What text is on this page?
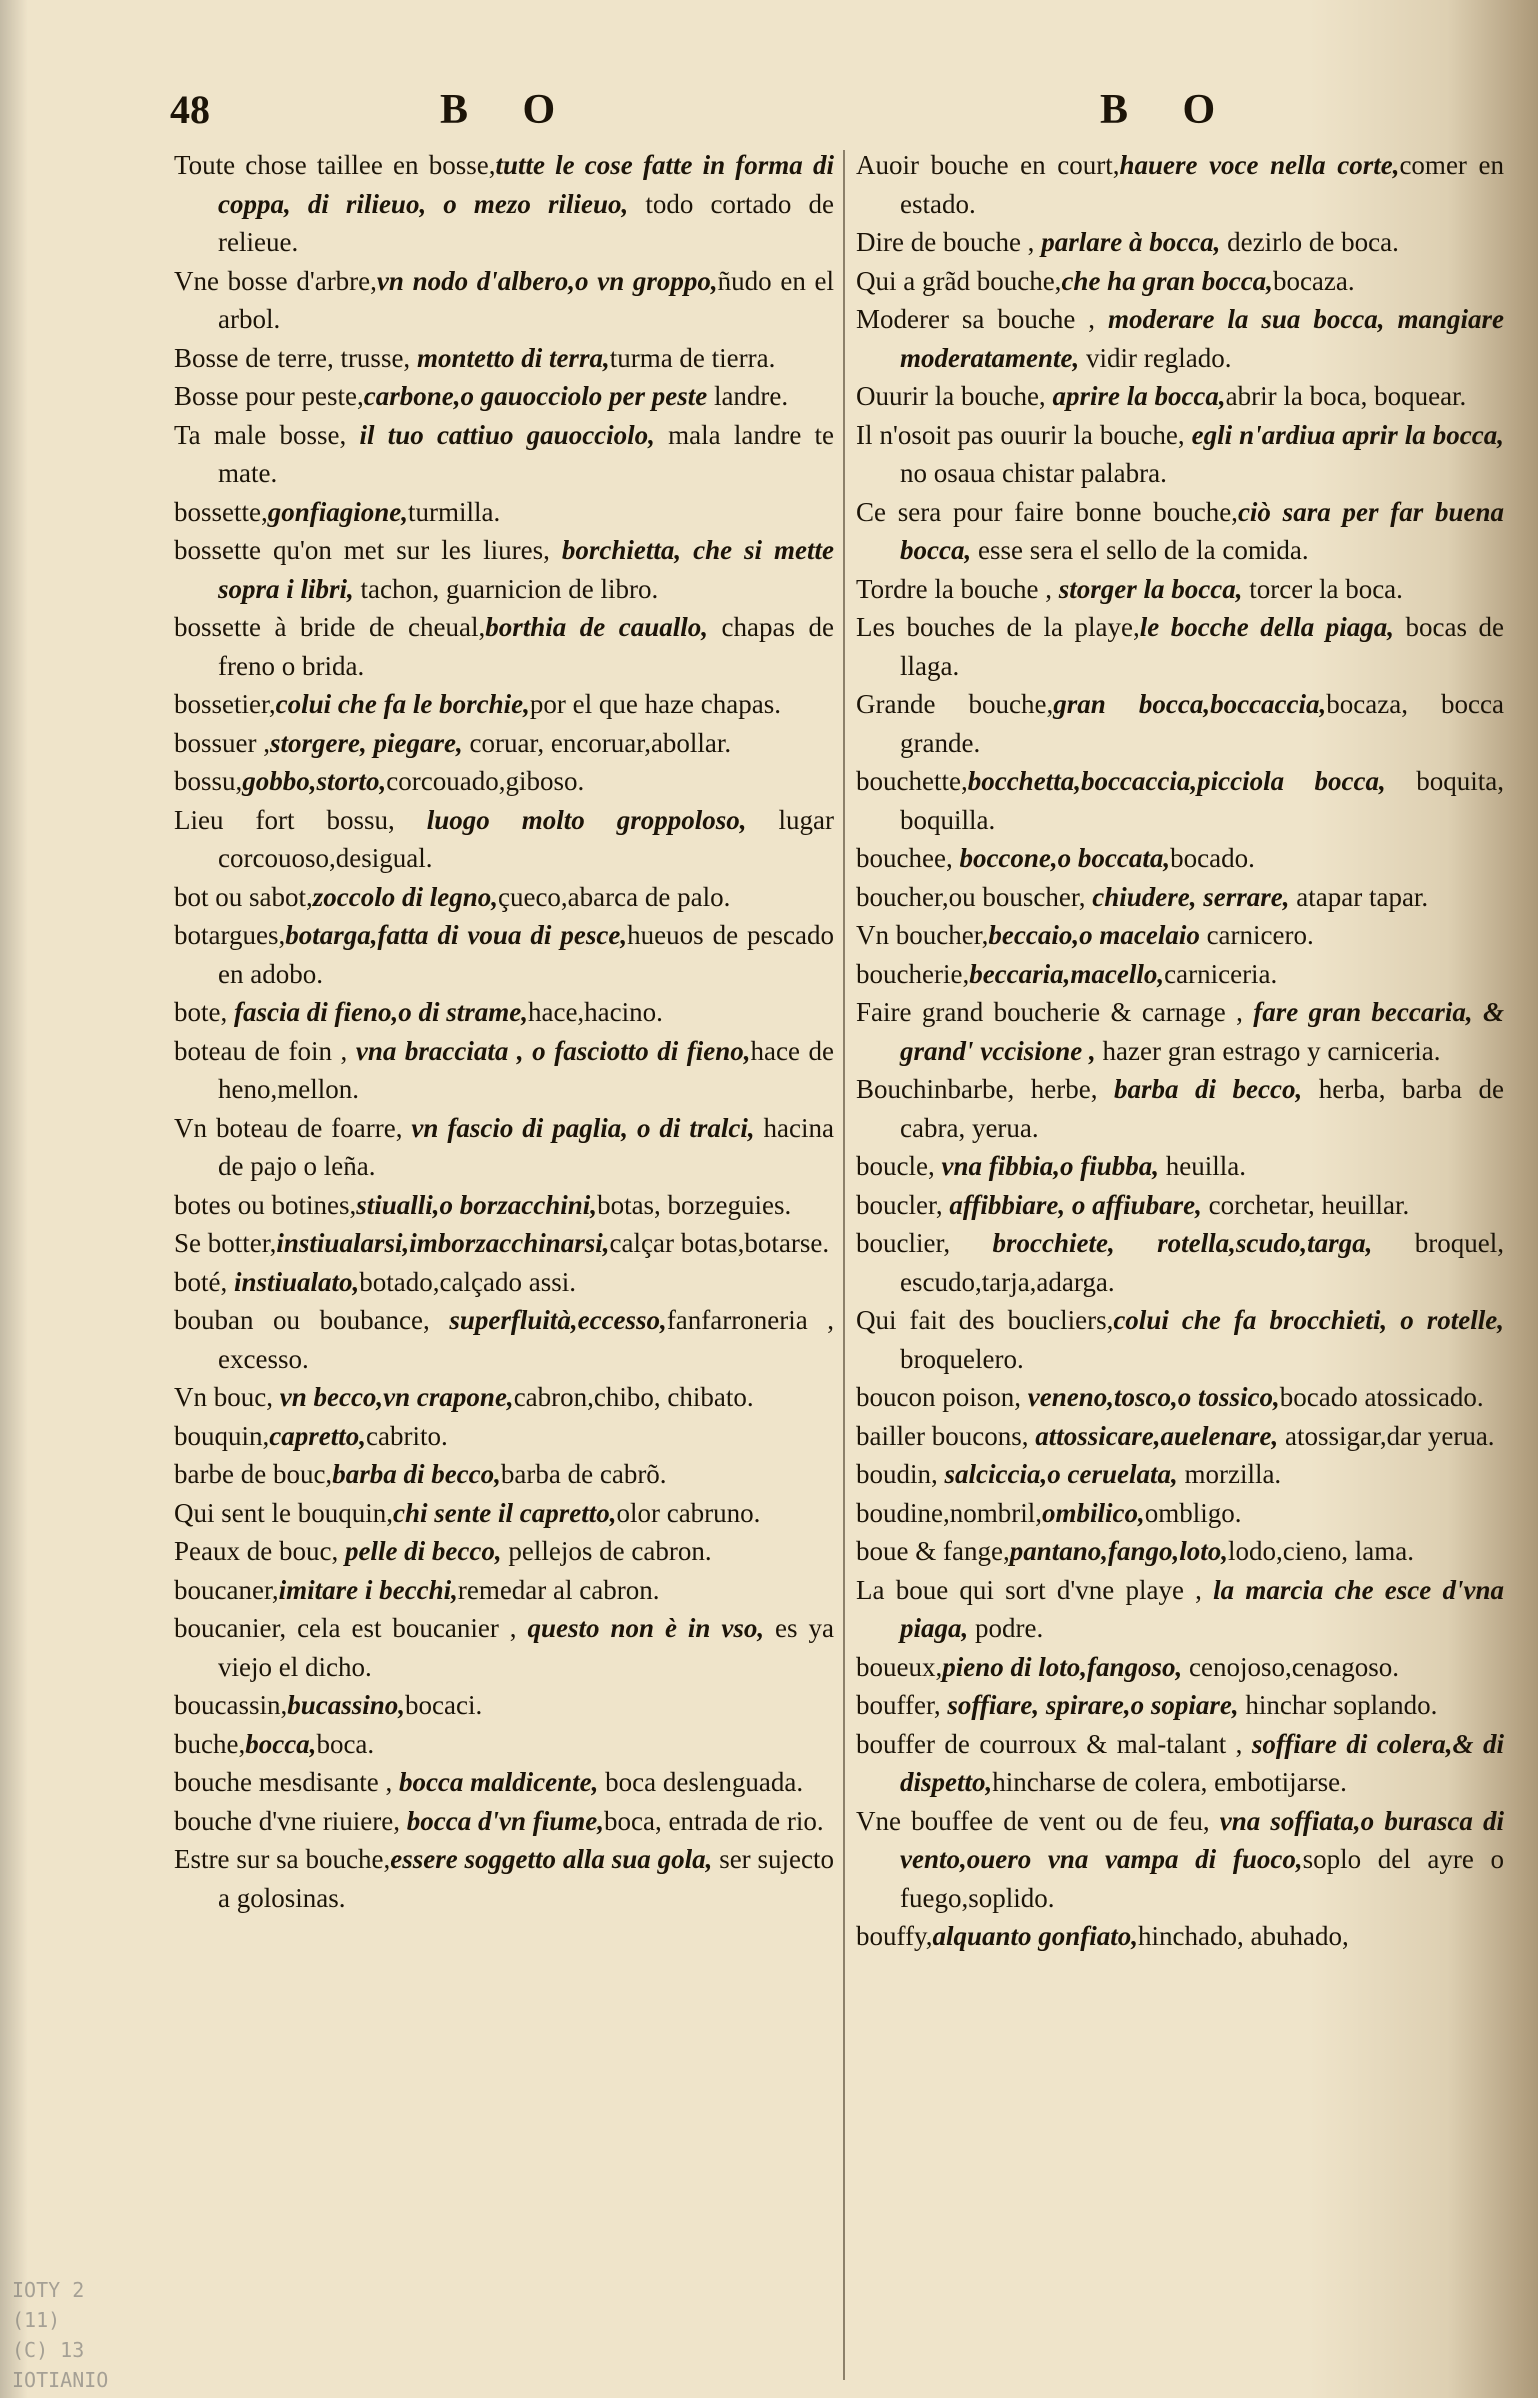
48	B O	B O
Toute chose taillee en bosse,tutte le cose fatte in forma di coppa, di rilieuo, o mezo rilieuo, todo cortado de relieue.
Vne bosse d'arbre,vn nodo d'albero,o vn groppo,ñudo en el arbol.
Bosse de terre, trusse, montetto di terra,turma de tierra.
Bosse pour peste,carbone,o gauocciolo per peste landre.
Ta male bosse, il tuo cattiuo gauocciolo, mala landre te mate.
bossette,gonfiagione,turmilla.
bossette qu'on met sur les liures, borchietta, che si mette sopra i libri, tachon, guarnicion de libro.
bossette à bride de cheual,borthia de cauallo, chapas de freno o brida.
bossetier,colui che fa le borchie,por el que haze chapas.
bossuer ,storgere, piegare, coruar, encoruar,abollar.
bossu,gobbo,storto,corcouado,giboso.
Lieu fort bossu, luogo molto groppoloso, lugar corcouoso,desigual.
bot ou sabot,zoccolo di legno,çueco,abarca de palo.
botargues,botarga,fatta di voua di pesce,hueuos de pescado en adobo.
bote, fascia di fieno,o di strame,hace,hacino.
boteau de foin , vna bracciata , o fasciotto di fieno,hace de heno,mellon.
Vn boteau de foarre, vn fascio di paglia, o di tralci, hacina de pajo o leña.
botes ou botines,stiualli,o borzacchini,botas, borzeguies.
Se botter,instiualarsi,imborzacchinarsi,calçar botas,botarse.
boté, instiualato,botado,calçado assi.
bouban ou boubance, superfluità,eccesso,fanfarroneria , excesso.
Vn bouc, vn becco,vn crapone,cabron,chibo, chibato.
bouquin,capretto,cabrito.
barbe de bouc,barba di becco,barba de cabrõ.
Qui sent le bouquin,chi sente il capretto,olor cabruno.
Peaux de bouc, pelle di becco, pellejos de cabron.
boucaner,imitare i becchi,remedar al cabron.
boucanier, cela est boucanier , questo non è in vso, es ya viejo el dicho.
boucassin,bucassino,bocaci.
buche,bocca,boca.
bouche mesdisante , bocca maldicente, boca deslenguada.
bouche d'vne riuiere, bocca d'vn fiume,boca, entrada de rio.
Estre sur sa bouche,essere soggetto alla sua gola, ser sujecto a golosinas.
Auoir bouche en court,hauere voce nella corte,comer en estado.
Dire de bouche , parlare à bocca, dezirlo de boca.
Qui a grãd bouche,che ha gran bocca,bocaza.
Moderer sa bouche , moderare la sua bocca, mangiare moderatamente, vidir reglado.
Ouurir la bouche, aprire la bocca,abrir la boca, boquear.
Il n'osoit pas ouurir la bouche, egli n'ardiua aprir la bocca, no osaua chistar palabra.
Ce sera pour faire bonne bouche,ciò sara per far buena bocca, esse sera el sello de la comida.
Tordre la bouche , storger la bocca, torcer la boca.
Les bouches de la playe,le bocche della piaga, bocas de llaga.
Grande bouche,gran bocca,boccaccia,bocaza, bocca grande.
bouchette,bocchetta,boccaccia,picciola bocca, boquita, boquilla.
bouchee, boccone,o boccata,bocado.
boucher,ou bouscher, chiudere, serrare, atapar tapar.
Vn boucher,beccaio,o macelaio carnicero.
boucherie,beccaria,macello,carniceria.
Faire grand boucherie & carnage , fare gran beccaria, & grand' vccisione , hazer gran estrago y carniceria.
Bouchinbarbe, herbe, barba di becco, herba, barba de cabra, yerua.
boucle, vna fibbia,o fiubba, heuilla.
boucler, affibbiare, o affiubare, corchetar, heuillar.
bouclier, brocchiete, rotella,scudo,targa, broquel, escudo,tarja,adarga.
Qui fait des boucliers,colui che fa brocchieti, o rotelle, broquelero.
boucon poison, veneno,tosco,o tossico,bocado atossicado.
bailler boucons, attossicare,auelenare, atossigar,dar yerua.
boudin, salciccia,o ceruelata, morzilla.
boudine,nombril,ombilico,ombligo.
boue & fange,pantano,fango,loto,lodo,cieno, lama.
La boue qui sort d'vne playe , la marcia che esce d'vna piaga, podre.
boueux,pieno di loto,fangoso, cenojoso,cenagoso.
bouffer, soffiare, spirare,o sopiare, hinchar soplando.
bouffer de courroux & mal-talant , soffiare di colera,& di dispetto,hincharse de colera, embotijarse.
Vne bouffee de vent ou de feu, vna soffiata,o burasca di vento,ouero vna vampa di fuoco,soplo del ayre o fuego,soplido.
bouffy,alquanto gonfiato,hinchado, abuhado,
IOTY 2
(11) (C) 13
IOTIANIO
